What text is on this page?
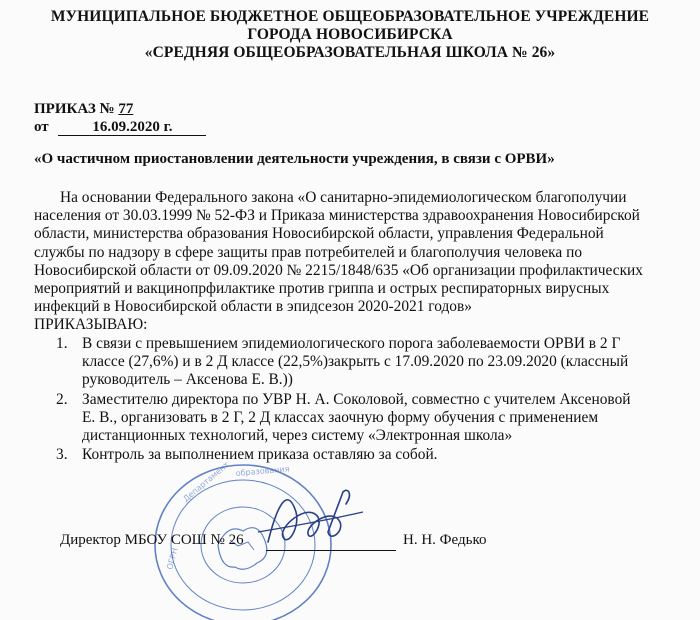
МУНИЦИПАЛЬНОЕ БЮДЖЕТНОЕ ОБЩЕОБРАЗОВАТЕЛЬНОЕ УЧРЕЖДЕНИЕ
ГОРОДА НОВОСИБИРСКА
«СРЕДНЯЯ ОБЩЕОБРАЗОВАТЕЛЬНАЯ ШКОЛА № 26»
ПРИКАЗ № 77
от	16.09.2020 г.
«О частичном приостановлении деятельности учреждения, в связи с ОРВИ»
На основании Федерального закона «О санитарно-эпидемиологическом благополучии населения от 30.03.1999 № 52-ФЗ и Приказа министерства здравоохранения Новосибирской области, министерства образования Новосибирской области, управления Федеральной службы по надзору в сфере защиты прав потребителей и благополучия человека по Новосибирской области от 09.09.2020 № 2215/1848/635 «Об организации профилактических мероприятий и вакцинопрфилактике против гриппа и острых респираторных вирусных инфекций в Новосибирской области в эпидсезон 2020-2021 годов»
ПРИКАЗЫВАЮ:
1. В связи с превышением эпидемиологического порога заболеваемости ОРВИ в 2 Г классе (27,6%) и в 2 Д классе (22,5%)закрыть с 17.09.2020 по 23.09.2020 (классный руководитель – Аксенова Е. В.))
2. Заместителю директора по УВР Н. А. Соколовой, совместно с учителем Аксеновой Е. В., организовать в 2 Г, 2 Д классах заочную форму обучения с применением дистанционных технологий, через систему «Электронная школа»
3. Контроль за выполнением приказа оставляю за собой.
Департамент образования
ОГРН
Директор МБОУ СОШ № 26	Н. Н. Федько
